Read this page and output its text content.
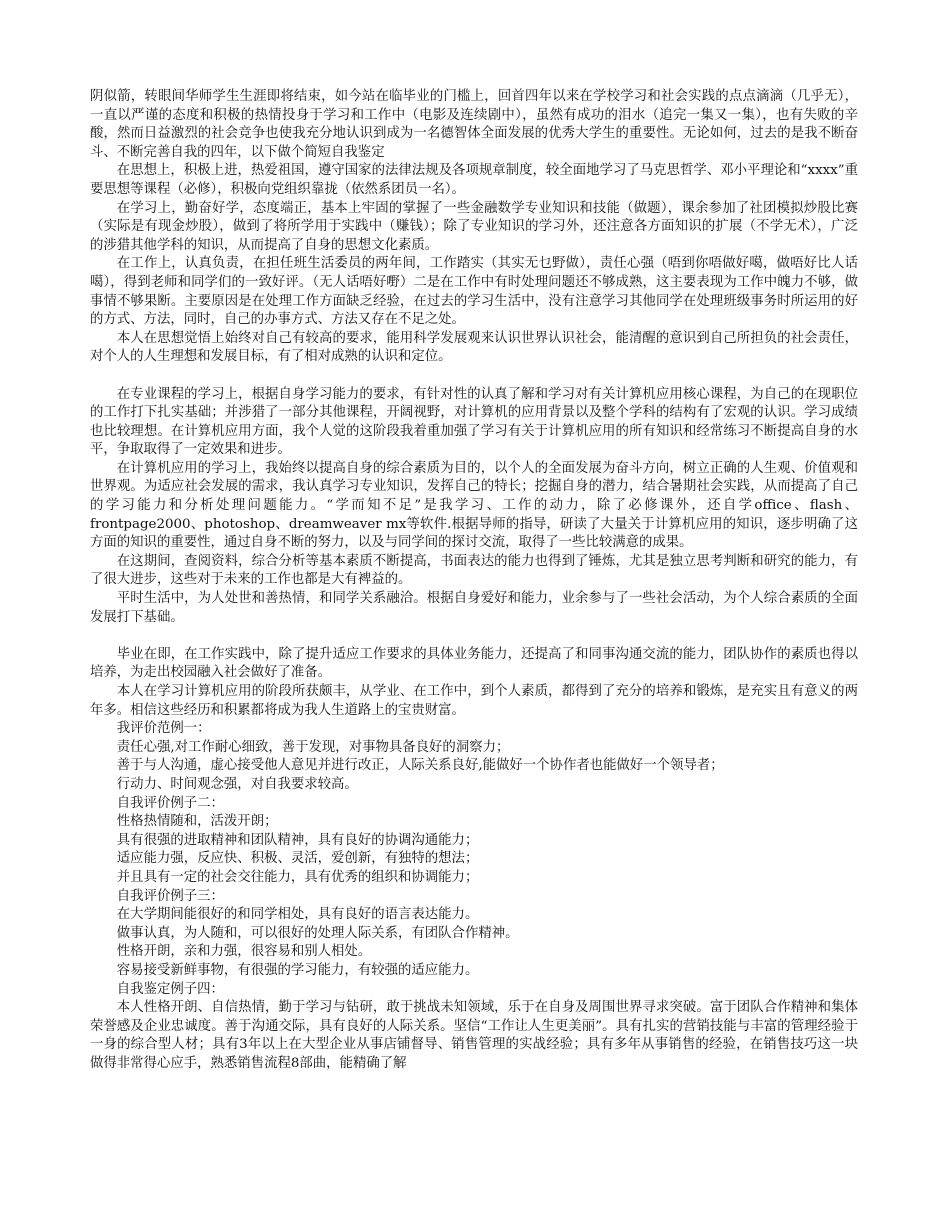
阴似箭，转眼间华师学生生涯即将结束，如今站在临毕业的门槛上，回首四年以来在学校学习和社会实践的点点滴滴（几乎无），一直以严谨的态度和积极的热情投身于学习和工作中（电影及连续剧中），虽然有成功的泪水（追完一集又一集），也有失败的辛酸，然而日益激烈的社会竞争也使我充分地认识到成为一名德智体全面发展的优秀大学生的重要性。无论如何，过去的是我不断奋斗、不断完善自我的四年，以下做个简短自我鉴定

在思想上，积极上进，热爱祖国，遵守国家的法律法规及各项规章制度，较全面地学习了马克思哲学、邓小平理论和“xxxx”重要思想等课程（必修），积极向党组织靠拢（依然系团员一名）。

在学习上，勤奋好学，态度端正，基本上牢固的掌握了一些金融数学专业知识和技能（做题），课余参加了社团模拟炒股比赛（实际是有现金炒股），做到了将所学用于实践中（赚钱）；除了专业知识的学习外，还注意各方面知识的扩展（不学无术），广泛的涉猎其他学科的知识，从而提高了自身的思想文化素质。

在工作上，认真负责，在担任班生活委员的两年间，工作踏实（其实无乜野做），责任心强（唔到你唔做好噶，做唔好比人话噶），得到老师和同学们的一致好评。（无人话唔好嘢）二是在工作中有时处理问题还不够成熟，这主要表现为工作中魄力不够，做事情不够果断。主要原因是在处理工作方面缺乏经验，在过去的学习生活中，没有注意学习其他同学在处理班级事务时所运用的好的方式、方法，同时，自己的办事方式、方法又存在不足之处。

本人在思想觉悟上始终对自己有较高的要求，能用科学发展观来认识世界认识社会，能清醒的意识到自己所担负的社会责任，对个人的人生理想和发展目标，有了相对成熟的认识和定位。

在专业课程的学习上，根据自身学习能力的要求，有针对性的认真了解和学习对有关计算机应用核心课程，为自己的在现职位的工作打下扎实基础；并涉猎了一部分其他课程，开阔视野，对计算机的应用背景以及整个学科的结构有了宏观的认识。学习成绩也比较理想。在计算机应用方面，我个人觉的这阶段我着重加强了学习有关于计算机应用的所有知识和经常练习不断提高自身的水平，争取取得了一定效果和进步。

在计算机应用的学习上，我始终以提高自身的综合素质为目的，以个人的全面发展为奋斗方向，树立正确的人生观、价值观和世界观。为适应社会发展的需求，我认真学习专业知识，发挥自己的特长；挖掘自身的潜力，结合暑期社会实践，从而提高了自己的学习能力和分析处理问题能力。“学而知不足”是我学习、工作的动力，除了必修课外，还自学office、flash、frontpage2000、photoshop、dreamweaver mx等软件.根据导师的指导，研读了大量关于计算机应用的知识，逐步明确了这方面的知识的重要性，通过自身不断的努力，以及与同学间的探讨交流，取得了一些比较满意的成果。

在这期间，查阅资料，综合分析等基本素质不断提高，书面表达的能力也得到了锤炼，尤其是独立思考判断和研究的能力，有了很大进步，这些对于未来的工作也都是大有裨益的。

平时生活中，为人处世和善热情，和同学关系融洽。根据自身爱好和能力，业余参与了一些社会活动，为个人综合素质的全面发展打下基础。

毕业在即，在工作实践中，除了提升适应工作要求的具体业务能力，还提高了和同事沟通交流的能力，团队协作的素质也得以培养，为走出校园融入社会做好了准备。

本人在学习计算机应用的阶段所获颇丰，从学业、在工作中，到个人素质，都得到了充分的培养和锻炼，是充实且有意义的两年多。相信这些经历和积累都将成为我人生道路上的宝贵财富。

我评价范例一：

责任心强,对工作耐心细致，善于发现，对事物具备良好的洞察力；

善于与人沟通，虚心接受他人意见并进行改正，人际关系良好,能做好一个协作者也能做好一个领导者；

行动力、时间观念强，对自我要求较高。

自我评价例子二：

性格热情随和，活泼开朗；

具有很强的进取精神和团队精神，具有良好的协调沟通能力；

适应能力强，反应快、积极、灵活，爱创新，有独特的想法；

并且具有一定的社会交往能力，具有优秀的组织和协调能力；

自我评价例子三：

在大学期间能很好的和同学相处，具有良好的语言表达能力。

做事认真，为人随和，可以很好的处理人际关系，有团队合作精神。

性格开朗，亲和力强，很容易和别人相处。

容易接受新鲜事物，有很强的学习能力，有较强的适应能力。

自我鉴定例子四：

本人性格开朗、自信热情，勤于学习与钻研，敢于挑战未知领域，乐于在自身及周围世界寻求突破。富于团队合作精神和集体荣誉感及企业忠诚度。善于沟通交际，具有良好的人际关系。坚信“工作让人生更美丽”。具有扎实的营销技能与丰富的管理经验于一身的综合型人材；具有3年以上在大型企业从事店铺督导、销售管理的实战经验；具有多年从事销售的经验，在销售技巧这一块做得非常得心应手，熟悉销售流程8部曲，能精确了解
